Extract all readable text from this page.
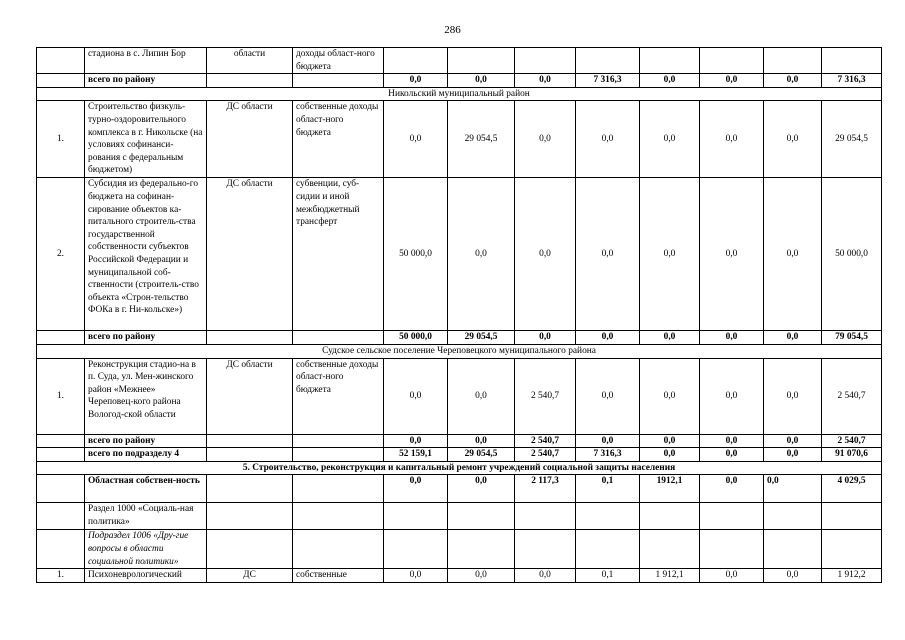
286
	стадиона в с. Липин Бор	области	доходы област-ного бюджета								
	всего по району			0,0	0,0	0,0	7 316,3	0,0	0,0	0,0	7 316,3
Никольский муниципальный район											
1.	Строительство физкуль-турно-оздоровительного комплекса в г. Никольске (на условиях софинанси-рования с федеральным бюджетом)	ДС области	собственные доходы област-ного бюджета	0,0	29 054,5	0,0	0,0	0,0	0,0	0,0	29 054,5
2.	Субсидия из федерально-го бюджета на софинан-сирование объектов ка-питального строитель-ства государственной собственности субъектов Российской Федерации и муниципальной соб-ственности (строитель-ство объекта «Строн-тельство ФОКа в г. Ни-кольске»)	ДС области	субвенции, суб-сидии и иной межбюджетный трансферт	50 000,0	0,0	0,0	0,0	0,0	0,0	0,0	50 000,0
	всего по району			50 000,0	29 054,5	0,0	0,0	0,0	0,0	0,0	79 054,5
Судское сельское поселение Череповецкого муниципального района											
1.	Реконструкция стадио-на в п. Суда, ул. Мен-жинского район «Межнее» Череповец-кого района Вологод-ской области	ДС области	собственные доходы област-ного бюджета	0,0	0,0	2 540,7	0,0	0,0	0,0	0,0	2 540,7
	всего по району			0,0	0,0	2 540,7	0,0	0,0	0,0	0,0	2 540,7
	всего по подразделу 4			52 159,1	29 054,5	2 540,7	7 316,3	0,0	0,0	0,0	91 070,6
5. Строительство, реконструкция и капитальный ремонт учреждений социальной защиты населения											
	Областная собствен-ность			0,0	0,0	2 117,3	0,1	1912,1	0,0	0,0	4 029,5
	Раздел 1000 «Социаль-ная политика»										
	Подраздел 1006 «Дру-гие вопросы в области социальной политики»										
1.	Психоневрологический	ДС	собственные	0,0	0,0	0,0	0,1	1 912,1	0,0	0,0	1 912,2
